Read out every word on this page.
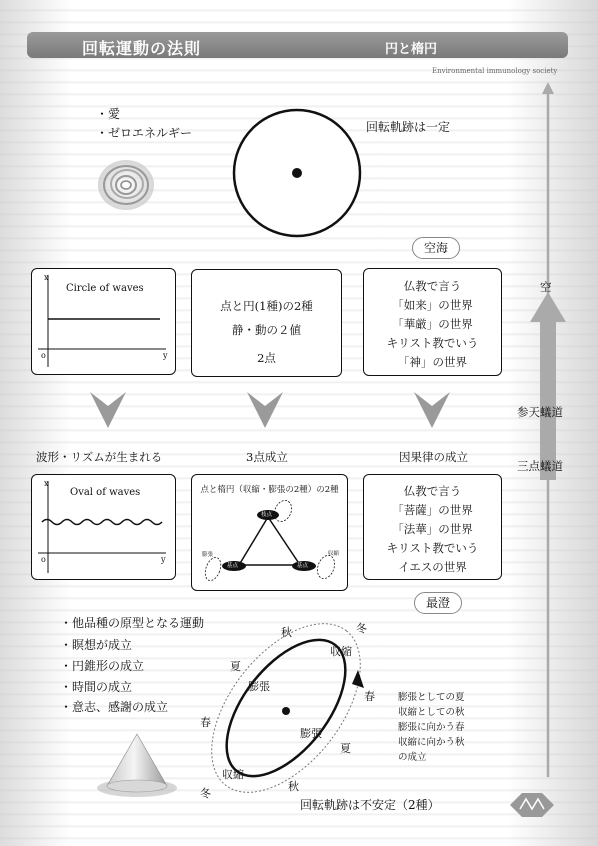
回転運動の法則	円と楕円
Environmental immunology society
・愛
・ゼロエネルギー	回転軌跡は一定
空海
x
Circle of waves
o	y
点と円(1種)の2種
静・動の２値
2点
仏教で言う
「如来」の世界
「華厳」の世界
キリスト教でいう
「神」の世界
波形・リズムが生まれる	3点成立	因果律の成立
x
Oval of waves
o	y
点と楕円（収縮・膨張の2種）の2種
枝点
基点	基点
膨張	収縮
仏教で言う
「菩薩」の世界
「法華」の世界
キリスト教でいう
イエスの世界
最澄
空
参天蟻道
三点蟻道
・他品種の原型となる運動
・瞑想が成立
・円錐形の成立
・時間の成立
・意志、感謝の成立
秋	冬
夏
春
春
夏
秋
冬
収縮
膨張
膨張
収縮
膨張としての夏
収縮としての秋
膨張に向かう春
収縮に向かう秋
の成立
回転軌跡は不安定（2種）
